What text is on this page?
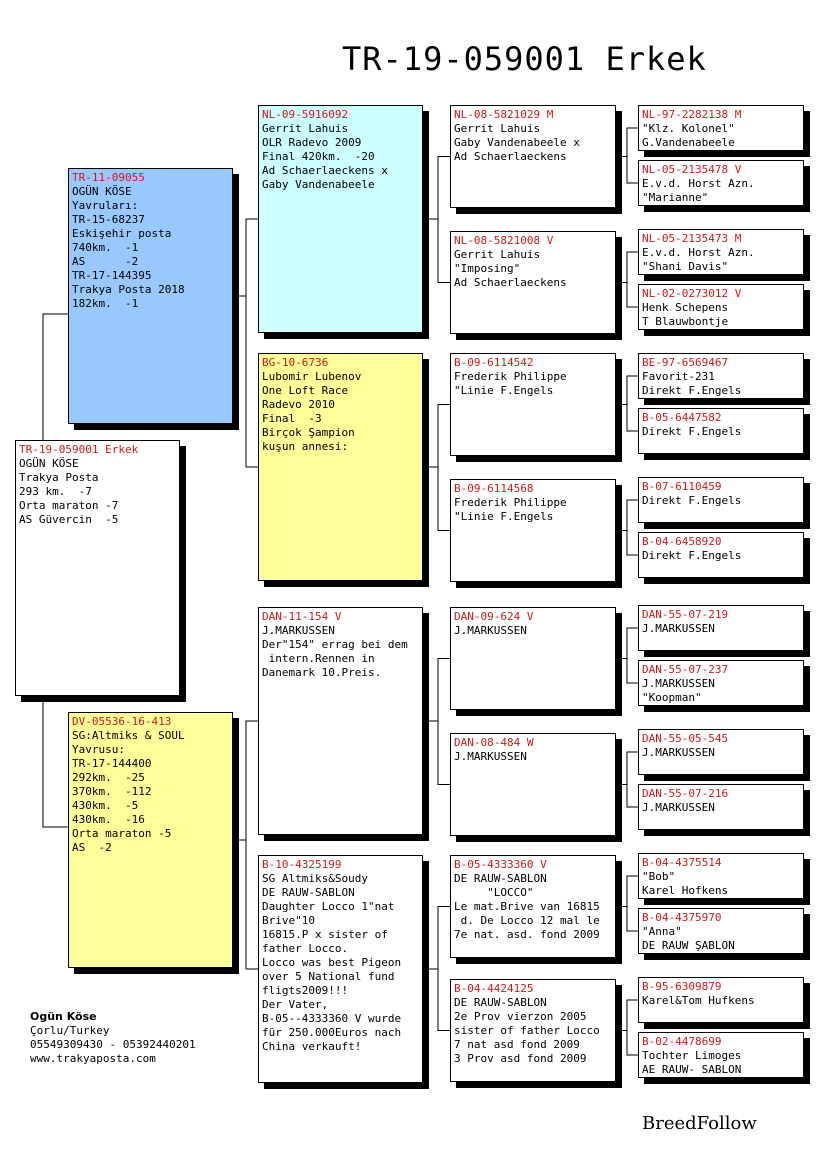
TR-19-059001 Erkek
TR-19-059001 Erkek
OGÜN KÖSE
Trakya Posta
293 km.  -7
Orta maraton -7
AS Güvercin  -5
TR-11-09055
OGÜN KÖSE
Yavruları:
TR-15-68237
Eskişehir posta
740km.  -1
AS      -2
TR-17-144395
Trakya Posta 2018
182km.  -1
DV-05536-16-413
SG:Altmiks & SOUL
Yavrusu:
TR-17-144400
292km.  -25
370km.  -112
430km.  -5
430km.  -16
Orta maraton -5
AS  -2
NL-09-5916092
Gerrit Lahuis
OLR Radevo 2009
Final 420km.  -20
Ad Schaerlaeckens x
Gaby Vandenabeele
BG-10-6736
Lubomir Lubenov
One Loft Race
Radevo 2010
Final  -3
Birçok Şampion
kuşun annesi:
DAN-11-154 V
J.MARKUSSEN
Der"154" errag bei dem
intern.Rennen in
Danemark 10.Preis.
B-10-4325199
SG Altmiks&Soudy
DE RAUW-SABLON
Daughter Locco 1"nat
Brive"10
16815.P x sister of
father Locco.
Locco was best Pigeon
over 5 National fund
fligts2009!!!
Der Vater,
B-05--4333360 V wurde
für 250.000Euros nach
China verkauft!
NL-08-5821029 M
Gerrit Lahuis
Gaby Vandenabeele x
Ad Schaerlaeckens
NL-08-5821008 V
Gerrit Lahuis
"Imposing"
Ad Schaerlaeckens
B-09-6114542
Frederik Philippe
"Linie F.Engels
B-09-6114568
Frederik Philippe
"Linie F.Engels
DAN-09-624 V
J.MARKUSSEN
DAN-08-484 W
J.MARKUSSEN
B-05-4333360 V
DE RAUW-SABLON
"LOCCO"
Le mat.Brive van 16815
d. De Locco 12 mal le
7e nat. asd. fond 2009
B-04-4424125
DE RAUW-SABLON
2e Prov vierzon 2005
sister of father Locco
7 nat asd fond 2009
3 Prov asd fond 2009
NL-97-2282138 M
"Klz. Kolonel"
G.Vandenabeele
NL-05-2135478 V
E.v.d. Horst Azn.
"Marianne"
NL-05-2135473 M
E.v.d. Horst Azn.
"Shani Davis"
NL-02-0273012 V
Henk Schepens
T Blauwbontje
BE-97-6569467
Favorit-231
Direkt F.Engels
B-05-6447582
Direkt F.Engels
B-07-6110459
Direkt F.Engels
B-04-6458920
Direkt F.Engels
DAN-55-07-219
J.MARKUSSEN
DAN-55-07-237
J.MARKUSSEN
"Koopman"
DAN-55-05-545
J.MARKUSSEN
DAN-55-07-216
J.MARKUSSEN
B-04-4375514
"Bob"
Karel Hofkens
B-04-4375970
"Anna"
DE RAUW ŞABLON
B-95-6309879
Karel&Tom Hufkens
B-02-4478699
Tochter Limoges
AE RAUW- SABLON
Ogün Köse
Çorlu/Turkey
05549309430 - 05392440201
www.trakyaposta.com
BreedFollow
